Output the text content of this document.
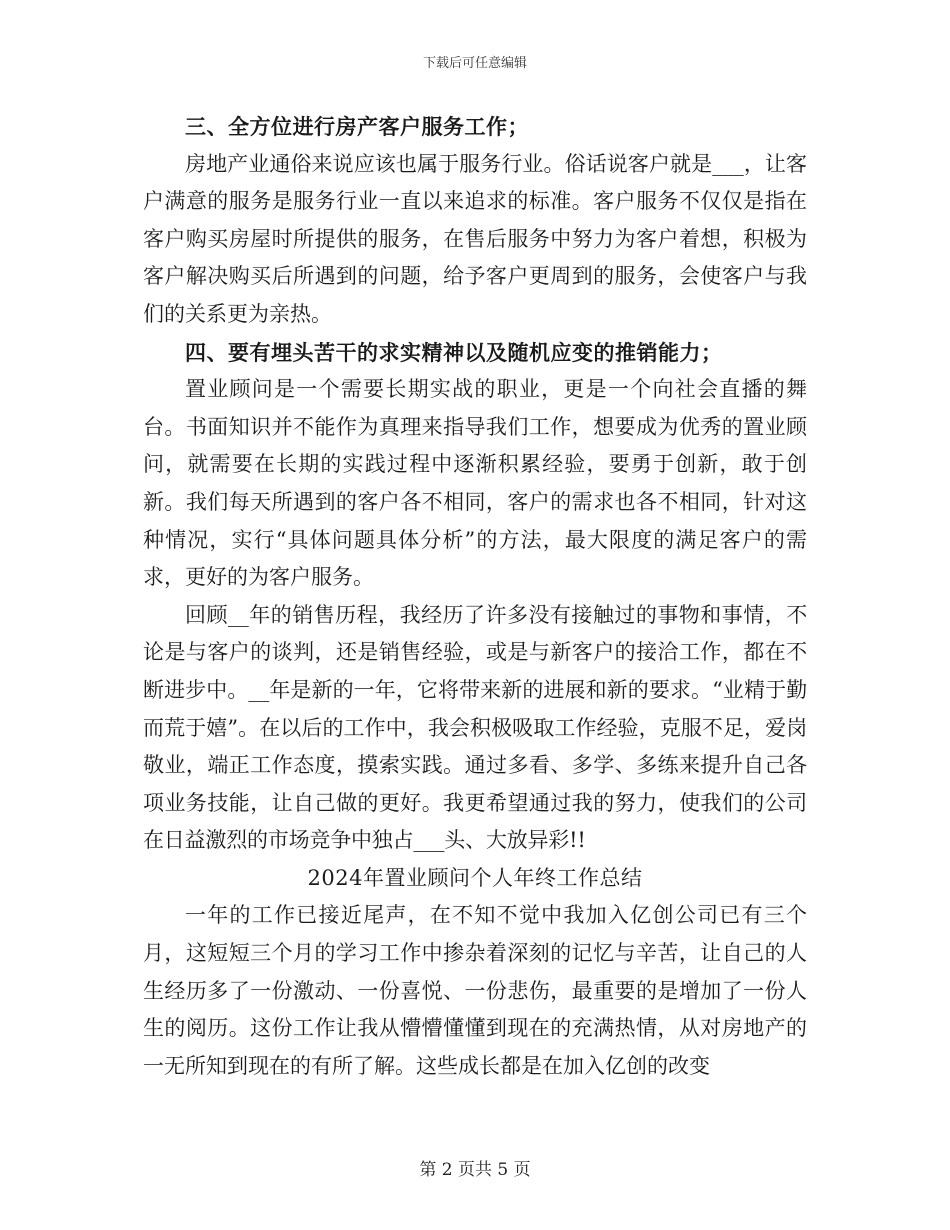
下载后可任意编辑

三、全方位进行房产客户服务工作；

房地产业通俗来说应该也属于服务行业。俗话说客户就是___，让客户满意的服务是服务行业一直以来追求的标准。客户服务不仅仅是指在客户购买房屋时所提供的服务，在售后服务中努力为客户着想，积极为客户解决购买后所遇到的问题，给予客户更周到的服务，会使客户与我们的关系更为亲热。

四、要有埋头苦干的求实精神以及随机应变的推销能力；

置业顾问是一个需要长期实战的职业，更是一个向社会直播的舞台。书面知识并不能作为真理来指导我们工作，想要成为优秀的置业顾问，就需要在长期的实践过程中逐渐积累经验，要勇于创新，敢于创新。我们每天所遇到的客户各不相同，客户的需求也各不相同，针对这种情况，实行“具体问题具体分析”的方法，最大限度的满足客户的需求，更好的为客户服务。

回顾__年的销售历程，我经历了许多没有接触过的事物和事情，不论是与客户的谈判，还是销售经验，或是与新客户的接洽工作，都在不断进步中。__年是新的一年，它将带来新的进展和新的要求。“业精于勤而荒于嬉”。在以后的工作中，我会积极吸取工作经验，克服不足，爱岗敬业，端正工作态度，摸索实践。通过多看、多学、多练来提升自己各项业务技能，让自己做的更好。我更希望通过我的努力，使我们的公司在日益激烈的市场竞争中独占___头、大放异彩!!

2024年置业顾问个人年终工作总结

一年的工作已接近尾声，在不知不觉中我加入亿创公司已有三个月，这短短三个月的学习工作中掺杂着深刻的记忆与辛苦，让自己的人生经历多了一份激动、一份喜悦、一份悲伤，最重要的是增加了一份人生的阅历。这份工作让我从懵懵懂懂到现在的充满热情，从对房地产的一无所知到现在的有所了解。这些成长都是在加入亿创的改变

第 2 页共 5 页
